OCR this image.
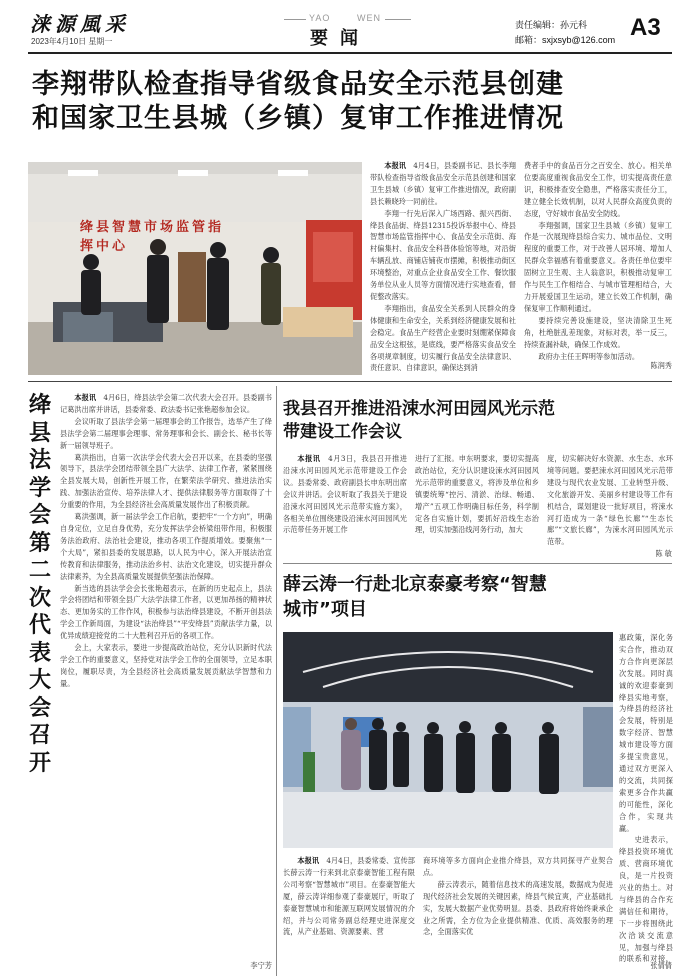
涞源風采
2023年4月10日 星期一
YAO	WEN
要闻
责任编辑：孙元科
邮箱：sxjxsyb@126.com A3
李翔带队检查指导省级食品安全示范县创建
和国家卫生县城（乡镇）复审工作推进情况
绛县智慧市场监管指挥中心

本报讯　 4月4日，县委副书记、县长李翔带队检查指导省级食品安全示范县创建和国家卫生县城（乡镇）复审工作推进情况，政府副县长赖晓玲一同前往。

李翔一行先后深入广场西路、振兴西街、绛县食品街、绛县12315投诉举报中心、绛县智慧市场监管指挥中心、食品安全示范街、海村偏集村、食品安全科普体验馆等地，对沿街车辆乱放、商铺店铺夜市摆摊，积极推动街区环境整治，对重点企业食品安全工作、餐饮服务单位从业人员等方面情况进行实地查看，督促整改落实。

李翔指出，食品安全关系到人民群众的身体健康和生命安全，关系到经济健康发展和社会稳定。食品生产经营企业要时刻绷紧保障食品安全这根弦，是底线，要严格落实食品安全各项规章制度，切实履行食品安全法律意识、责任意识、自律意识，确保达到消

费者手中的食品百分之百安全、放心。相关单位要高度重视食品安全工作，切实提高责任意识，积极排查安全隐患，严格落实责任分工，建立健全长效机制，以对人民群众高度负责的态度，守好城市食品安全防线。

李翔强调，国家卫生县城（乡镇）复审工作是一次展现绛县综合实力、城市品位、文明程度的重要工作，对于改善人居环境、增加人民群众幸福感有着重要意义。各责任单位要牢固树立卫生观、主人翁意识，积极推动复审工作与民生工作相结合、与城市管理相结合，大力开展爱国卫生运动，建立长效工作机制，确保复审工作顺利通过。

要持续完善设施建设，坚决清除卫生死角，杜绝脏乱差现象，对标对表，举一反三，持续查漏补缺，确保工作成效。

政府办主任王晖明等参加活动。

陈润秀
绛县法学会第二次代表大会召开

本报讯　 4月6日，绛县法学会第二次代表大会召开。县委副书记葛洪出席并讲话，县委常委、政法委书记张艳超参加会议。

会议听取了县法学会第一届理事会的工作报告，选举产生了绛县法学会第二届理事会理事、常务理事和会长、副会长、秘书长等新一届领导班子。

葛洪指出，自第一次法学会代表大会召开以来，在县委的坚强领导下，县法学会团结带领全县广大法学、法律工作者，紧紧围绕全县发展大局，创新性开展工作，在繁荣法学研究、推进法治实践、加强法治宣传、培养法律人才、提供法律服务等方面取得了十分重要的作用，为全县经济社会高质量发展作出了积极贡献。

葛洪强调，新一届法学会工作启航，要把牢“一个方向”，明确自身定位，立足自身优势，充分发挥法学会桥梁纽带作用，积极服务法治政府、法治社会建设，推动各项工作提质增效。要聚焦“一个大局”，紧扣县委的发展思路，以人民为中心，深入开展法治宣传教育和法律服务，推动法治乡村、法治文化建设，切实提升群众法律素养，为全县高质量发展提供坚强法治保障。

新当选的县法学会会长张艳超表示，在新的历史起点上，县法学会将团结和带领全县广大法学法律工作者，以更加昂扬的精神状态、更加务实的工作作风，积极参与法治绛县建设，不断开创县法学会工作新局面，为建设“法治绛县”“平安绛县”贡献法学力量，以优异成绩迎接党的二十大胜利召开后的各项工作。

会上，大家表示，要进一步提高政治站位，充分认识新时代法学会工作的重要意义，坚持党对法学会工作的全面领导，立足本职岗位，履职尽责，为全县经济社会高质量发展贡献法学智慧和力量。

李宁芳
我县召开推进沿涑水河田园风光示范
带建设工作会议

本报讯　 4月3日，我县召开推进沿涑水河田园风光示范带建设工作会议。县委常委、政府副县长申东明出席会议并讲话。会议听取了我县关于建设沿涑水河田园风光示范带实施方案》，各相关单位围绕建设沿涑水河田园风光示范带任务开展工作

进行了汇报。申东明要求，要切实提高政治站位，充分认识建设涑水河田园风光示范带的重要意义，将涉及单位和乡镇要统筹“控污、清淤、治绿、畅通、增产”五项工作明确目标任务，科学制定各自实施计划，要抓好沿线生态治理，切实加强沿线河务行动，加大

度，切实解决好水资源、水生态、水环境等问题。要把涑水河田园风光示范带建设与现代农业发展、工业转型升级、文化旅游开发、美丽乡村建设等工作有机结合，谋划建设一批好项目，将涑水河打造成为一条“绿色长廊”“生态长廊”“文旅长廊”，为涑水河田园风光示范带。

陈 敏
薛云涛一行赴北京泰豪考察“智慧
城市”项目

惠政策，深化务实合作，推动双方合作向更深层次发展。同时真诚的欢迎泰豪到绛县实地考察，为绛县的经济社会发展，特别是数字经济、智慧城市建设等方面多提宝贵意见，通过双方更深入的交流，共同探索更多合作共赢的可能性，深化合作，实现共赢。
　　史进表示，绛县投资环境优质、营商环境优良，是一片投资兴业的热土。对与绛县的合作充满信任和期待，下一步将围绕此次洽谈交流意见，加强与绛县的联系和对接，

本报讯　 4月4日，县委常委、宣传部长薛云涛一行来到北京泰豪智能工程有限公司考察“智慧城市”项目。在泰豪智能大厦，薛云涛详细参观了泰豪展厅，听取了泰豪智慧城市和能源互联网发展情况的介绍，并与公司常务副总经理史进深度交流，从产业基础、资源要素、营

商环境等多方面向企业推介绛县，双方共同探寻产业契合点。
　　薛云涛表示，随着信息技术的高速发展，数据成为促进现代经济社会发展的关键因素，绛县气候宜爽，产业基础扎实，发展大数据产业优势明显。县委、县政府将始终秉承企业之所需，全方位为企业提供精准、优质、高效服务的理念，全面落实优

张倩倩
